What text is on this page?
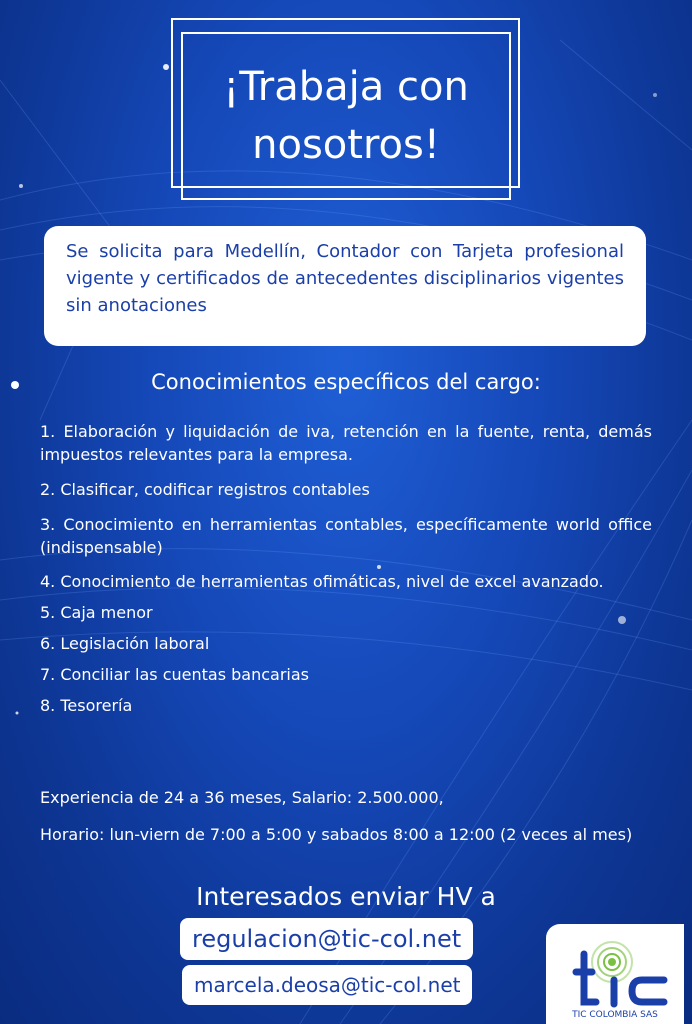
¡Trabaja con nosotros!
Se solicita para Medellín, Contador con Tarjeta profesional vigente y certificados de antecedentes disciplinarios vigentes sin anotaciones
Conocimientos específicos del cargo:
1. Elaboración y liquidación de iva, retención en la fuente, renta, demás impuestos relevantes para la empresa.
2. Clasificar, codificar registros contables
3. Conocimiento en herramientas contables, específicamente world office (indispensable)
4. Conocimiento de herramientas ofimáticas, nivel de excel avanzado.
5. Caja menor
6. Legislación laboral
7. Conciliar las cuentas bancarias
8. Tesorería

Experiencia de 24 a 36 meses, Salario: 2.500.000,

Horario: lun-viern de 7:00 a 5:00 y sabados 8:00 a 12:00 (2 veces al mes)

Interesados enviar HV a
regulacion@tic-col.net
marcela.deosa@tic-col.net
TIC COLOMBIA SAS
